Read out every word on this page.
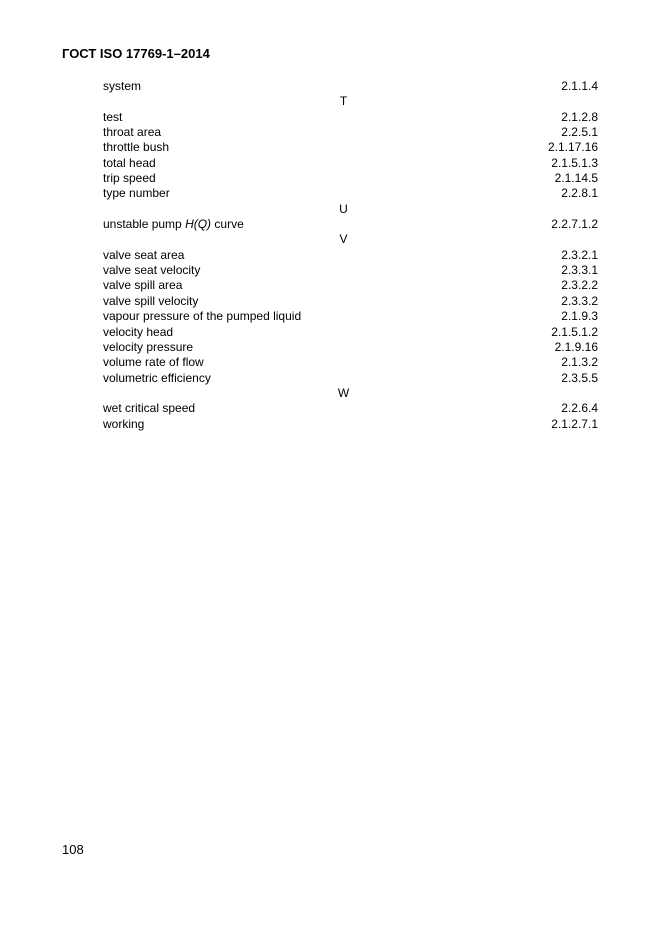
ГОСТ ISO 17769-1–2014
system	2.1.1.4
T
test	2.1.2.8
throat area	2.2.5.1
throttle bush	2.1.17.16
total head	2.1.5.1.3
trip speed	2.1.14.5
type number	2.2.8.1
U
unstable pump H(Q) curve	2.2.7.1.2
V
valve seat area	2.3.2.1
valve seat velocity	2.3.3.1
valve spill area	2.3.2.2
valve spill velocity	2.3.3.2
vapour pressure of the pumped liquid	2.1.9.3
velocity head	2.1.5.1.2
velocity pressure	2.1.9.16
volume rate of flow	2.1.3.2
volumetric efficiency	2.3.5.5
W
wet critical speed	2.2.6.4
working	2.1.2.7.1
108
